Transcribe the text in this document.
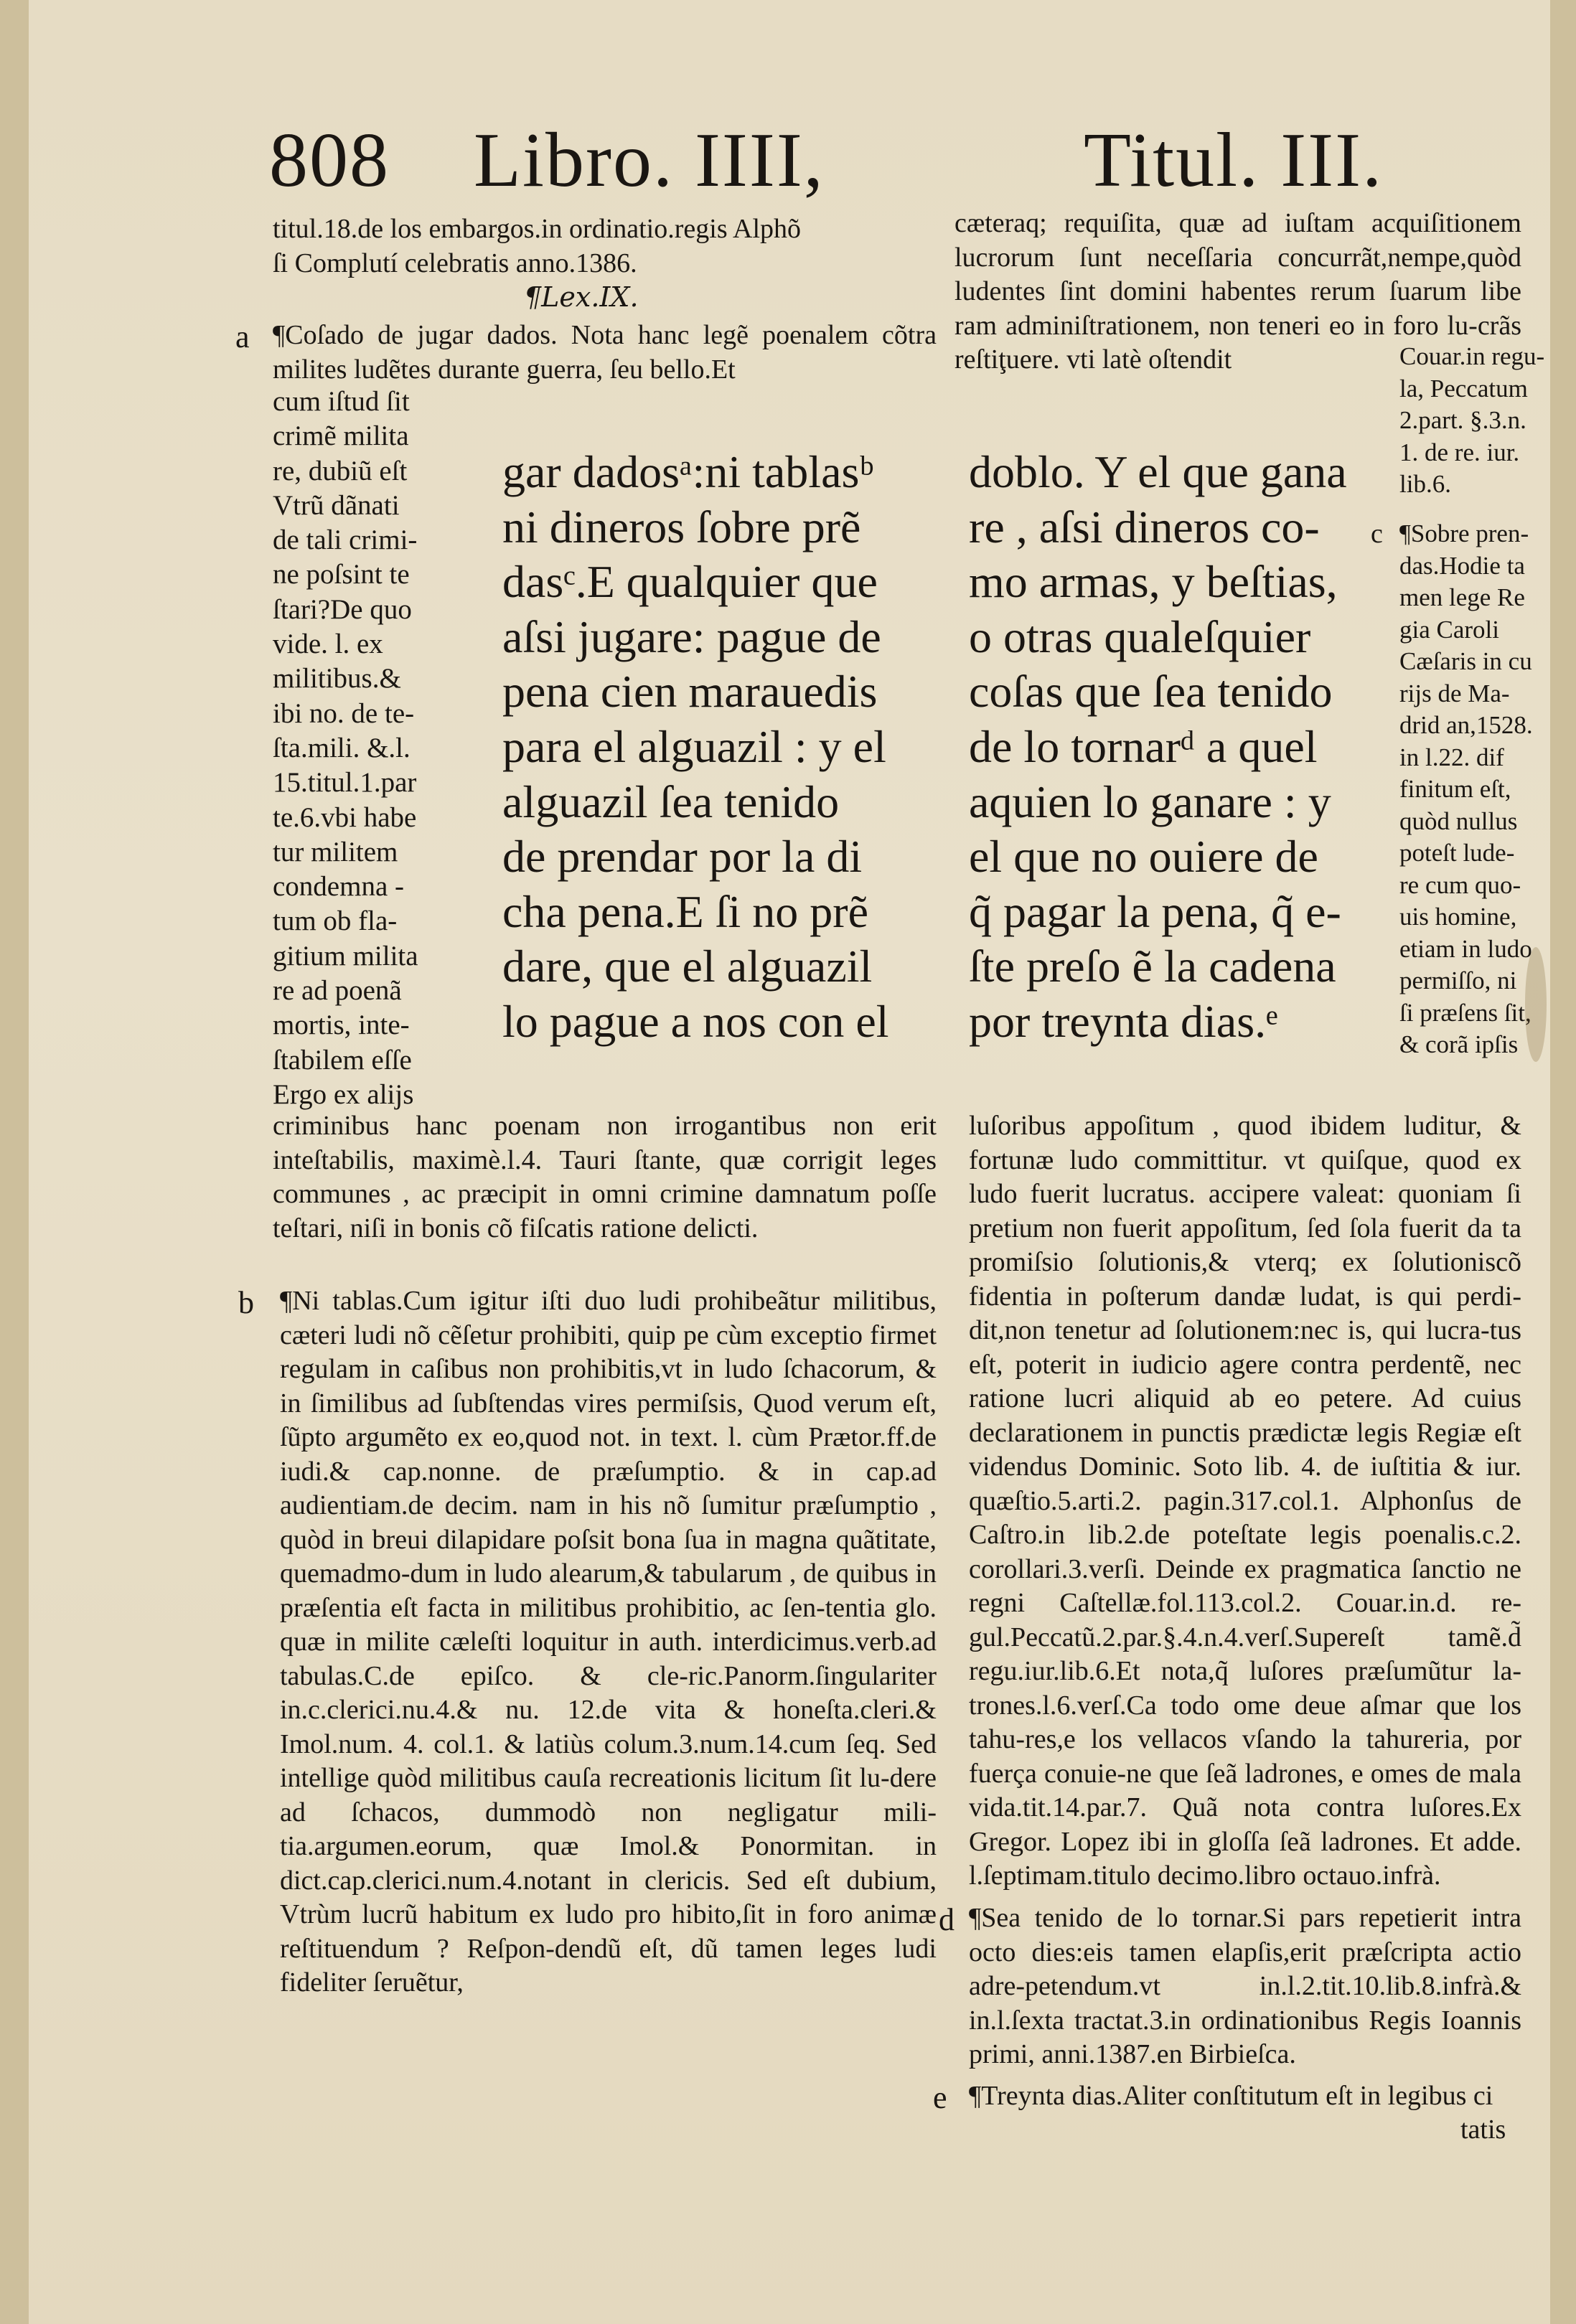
808 Libro. IIII,	Titul. III.

titul.18.de los embargos.in ordinatio.regis Alphõ

ſi Complutí celebratis anno.1386.

¶Lex.IX.
a ¶Coſado de jugar dados. Nota hanc legẽ poenalem cõtra milites ludẽtes durante guerra, ſeu bello.Et
cum iſtud ſit
crimẽ milita
re, dubiũ eſt
Vtrũ dãnati
de tali crimi-
ne poſsint te
ſtari?De quo
vide. l. ex
militibus.&
ibi no. de te-
ſta.mili. &.l.
15.titul.1.par
te.6.vbi habe
tur militem
condemna -
tum ob fla-
gitium milita
re ad poenã
mortis, inte-
ſtabilem eſſe
Ergo ex alijs
criminibus hanc poenam non irrogantibus non erit inteſtabilis, maximè.l.4. Tauri ſtante, quæ corrigit leges communes , ac præcipit in omni crimine damnatum poſſe teſtari, niſi in bonis cõ fiſcatis ratione delicti.
gar dadosᵃ:ni tablasᵇ
ni dineros ſobre prẽ
dasᶜ.E qualquier que
aſsi jugare: pague de
pena cien marauedis
para el alguazil : y el
alguazil ſea tenido
de prendar por la di
cha pena.E ſi no prẽ
dare, que el alguazil
lo pague a nos con el
doblo. Y el que gana
re , aſsi dineros co-
mo armas, y beſtias,
o otras qualeſquier
coſas que ſea tenido
de lo tornarᵈ a quel
aquien lo ganare : y
el que no ouiere de
q̃ pagar la pena, q̃ e-
ſte preſo ẽ la cadena
por treynta dias.ᵉ
b ¶Ni tablas.Cum igitur iſti duo ludi prohibeãtur militibus, cæteri ludi nõ cẽſetur prohibiti, quip pe cùm exceptio firmet regulam in caſibus non prohibitis,vt in ludo ſchacorum, & in ſimilibus ad ſubſtendas vires permiſsis, Quod verum eſt, ſũpto argumẽto ex eo,quod not. in text. l. cùm Prætor.ff.de iudi.& cap.nonne. de præſumptio. & in cap.ad audientiam.de decim. nam in his nõ ſumitur præſumptio , quòd in breui dilapidare poſsit bona ſua in magna quãtitate, quemadmo-dum in ludo alearum,& tabularum , de quibus in præſentia eſt facta in militibus prohibitio, ac ſen-tentia glo. quæ in milite cæleſti loquitur in auth. interdicimus.verb.ad tabulas.C.de epiſco. & cle-ric.Panorm.ſingulariter in.c.clerici.nu.4.& nu. 12.de vita & honeſta.cleri.& Imol.num. 4. col.1. & latiùs colum.3.num.14.cum ſeq. Sed intellige quòd militibus cauſa recreationis licitum ſit lu-dere ad ſchacos, dummodò non negligatur mili-tia.argumen.eorum, quæ Imol.& Ponormitan. in dict.cap.clerici.num.4.notant in clericis. Sed eſt dubium, Vtrùm lucrũ habitum ex ludo pro hibito,ſit in foro animæ reſtituendum ? Reſpon-dendũ eſt, dũ tamen leges ludi fideliter ſeruẽtur,
cæteraq; requiſita, quæ ad iuſtam acquiſitionem lucrorum ſunt neceſſaria concurrãt,nempe,quòd ludentes ſint domini habentes rerum ſuarum libe ram adminiſtrationem, non teneri eo in foro lu-crãs reſtiţuere. vti latè oſtendit	Couar.in regu-
la, Peccatum
2.part. §.3.n.
1. de re. iur.
lib.6.
c ¶Sobre pren-
das.Hodie ta
men lege Re
gia Caroli
Cæſaris in cu
rijs de Ma-
drid an,1528.
in l.22. dif
finitum eſt,
quòd nullus
poteſt lude-
re cum quo-
uis homine,
etiam in ludo
permiſſo, ni
ſi præſens ſit,
& corã ipſis
luſoribus appoſitum , quod ibidem luditur, & fortunæ ludo committitur. vt quiſque, quod ex ludo fuerit lucratus. accipere valeat: quoniam ſi pretium non fuerit appoſitum, ſed ſola fuerit da ta promiſsio ſolutionis,& vterq; ex ſolutioniscõ fidentia in poſterum dandæ ludat, is qui perdi-dit,non tenetur ad ſolutionem:nec is, qui lucra-tus eſt, poterit in iudicio agere contra perdentẽ, nec ratione lucri aliquid ab eo petere. Ad cuius declarationem in punctis prædictæ legis Regiæ eſt videndus Dominic. Soto lib. 4. de iuſtitia & iur. quæſtio.5.arti.2. pagin.317.col.1. Alphonſus de Caſtro.in lib.2.de poteſtate legis poenalis.c.2. corollari.3.verſi. Deinde ex pragmatica ſanctio ne regni Caſtellæ.fol.113.col.2. Couar.in.d. re-gul.Peccatũ.2.par.§.4.n.4.verſ.Supereſt tamẽ.d̃ regu.iur.lib.6.Et nota,q̃ luſores præſumũtur la-trones.l.6.verſ.Ca todo ome deue aſmar que los tahu-res,e los vellacos vſando la tahureria, por fuerça conuie-ne que ſeã ladrones, e omes de mala vida.tit.14.par.7. Quã nota contra luſores.Ex Gregor. Lopez ibi in gloſſa ſeã ladrones. Et adde. l.ſeptimam.titulo decimo.libro octauo.infrà.
d ¶Sea tenido de lo tornar.Si pars repetierit intra octo dies:eis tamen elapſis,erit præſcripta actio adre-petendum.vt in.l.2.tit.10.lib.8.infrà.& in.l.ſexta tractat.3.in ordinationibus Regis Ioannis primi, anni.1387.en Birbieſca.
e ¶Treynta dias.Aliter conſtitutum eſt in legibus ci
tatis
